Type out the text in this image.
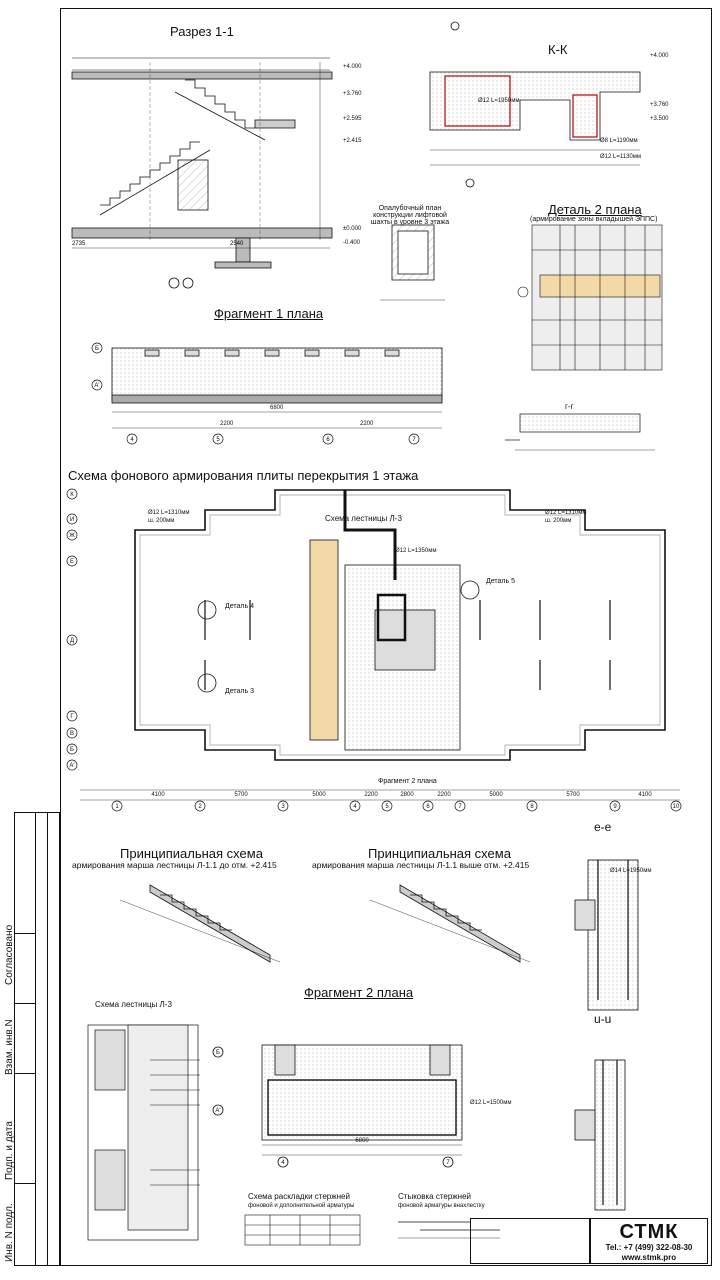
Согласовано
Взам. инв.N
Подп. и дата
Инв. N подл.
2735	2540
+4.000
+3.760
+2.595
+2.415
±0.000
-0.400
+4.000
+3.760
+3.500
2200
6800
2200
4	5	6	7
Б
А'
1	2	3	4	5	6	7	8	9	10
4100	5700	5000	2200	2800	2200	5000	5700	4100
К
И
Ж
Е
Д
Г
В
Б
А'
4	7
Б
А'
6800
Разрез 1-1
К-К
Опалубочный план конструкции лифтовой шахты в уровне 3 этажа
Деталь 2 плана
(армирование зоны вкладышей ЭППС)
Фрагмент 1 плана
г-г
Схема фонового армирования плиты перекрытия 1 этажа
Схема лестницы Л-3
Деталь 5
Деталь 4
Деталь 3
Фрагмент 2 плана
Принципиальная схема
армирования марша лестницы Л-1.1 до отм. +2.415
Принципиальная схема
армирования марша лестницы Л-1.1 выше отм. +2.415
е-е
Схема лестницы Л-3
Фрагмент 2 плана
u-u
Схема раскладки стержней
фоновой и дополнительной арматуры
Стыковка стержней
фоновой арматуры внахлестку
Ø12 L=1310мм
ш. 200мм
Ø12 L=1310мм
ш. 200мм
Ø12 L=1350мм
Ø12 L=1950мм
Ø8 L=1190мм
Ø12 L=1130мм
Ø14 L=1950мм
Ø12 L=1500мм
СТМК
Tel.: +7 (499) 322-08-30
www.stmk.pro
